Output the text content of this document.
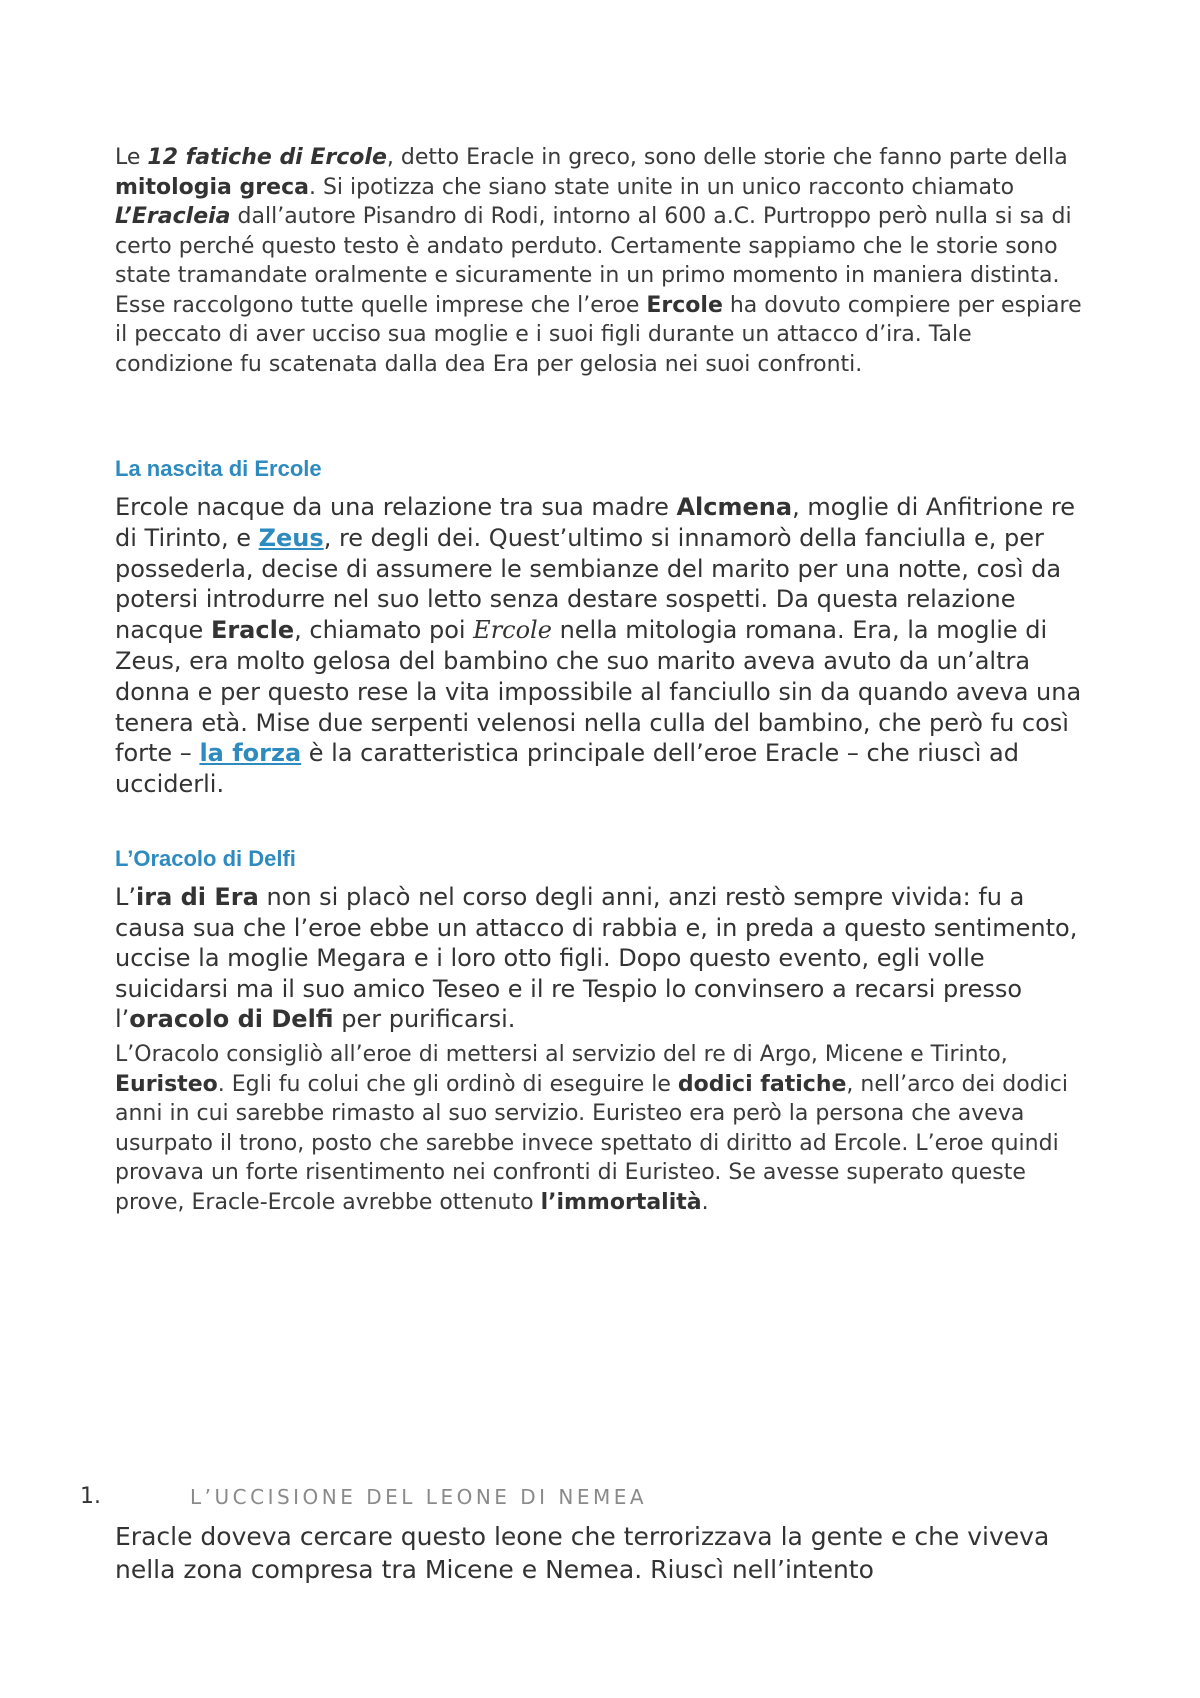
Le 12 fatiche di Ercole, detto Eracle in greco, sono delle storie che fanno parte della mitologia greca. Si ipotizza che siano state unite in un unico racconto chiamato L’Eracleia dall’autore Pisandro di Rodi, intorno al 600 a.C. Purtroppo però nulla si sa di certo perché questo testo è andato perduto. Certamente sappiamo che le storie sono state tramandate oralmente e sicuramente in un primo momento in maniera distinta. Esse raccolgono tutte quelle imprese che l’eroe Ercole ha dovuto compiere per espiare il peccato di aver ucciso sua moglie e i suoi figli durante un attacco d’ira. Tale condizione fu scatenata dalla dea Era per gelosia nei suoi confronti.

La nascita di Ercole

Ercole nacque da una relazione tra sua madre Alcmena, moglie di Anfitrione re di Tirinto, e Zeus, re degli dei. Quest’ultimo si innamorò della fanciulla e, per possederla, decise di assumere le sembianze del marito per una notte, così da potersi introdurre nel suo letto senza destare sospetti. Da questa relazione nacque Eracle, chiamato poi Ercole nella mitologia romana. Era, la moglie di Zeus, era molto gelosa del bambino che suo marito aveva avuto da un’altra donna e per questo rese la vita impossibile al fanciullo sin da quando aveva una tenera età. Mise due serpenti velenosi nella culla del bambino, che però fu così forte – la forza è la caratteristica principale dell’eroe Eracle – che riuscì ad ucciderli.

L’Oracolo di Delfi

L’ira di Era non si placò nel corso degli anni, anzi restò sempre vivida: fu a causa sua che l’eroe ebbe un attacco di rabbia e, in preda a questo sentimento, uccise la moglie Megara e i loro otto figli. Dopo questo evento, egli volle suicidarsi ma il suo amico Teseo e il re Tespio lo convinsero a recarsi presso l’oracolo di Delfi per purificarsi.

L’Oracolo consigliò all’eroe di mettersi al servizio del re di Argo, Micene e Tirinto, Euristeo. Egli fu colui che gli ordinò di eseguire le dodici fatiche, nell’arco dei dodici anni in cui sarebbe rimasto al suo servizio. Euristeo era però la persona che aveva usurpato il trono, posto che sarebbe invece spettato di diritto ad Ercole. L’eroe quindi provava un forte risentimento nei confronti di Euristeo. Se avesse superato queste prove, Eracle-Ercole avrebbe ottenuto l’immortalità.

1.	L’UCCISIONE DEL LEONE DI NEMEA

Eracle doveva cercare questo leone che terrorizzava la gente e che viveva nella zona compresa tra Micene e Nemea. Riuscì nell’intento
